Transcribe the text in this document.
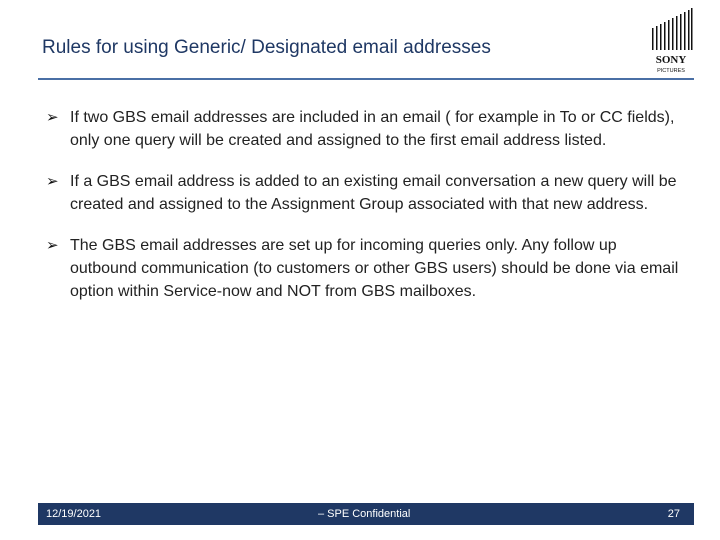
Rules for using Generic/ Designated email addresses
SONY
PICTURES
➢ If two GBS email addresses are included in an email ( for example in To or CC fields), only one query will be created and assigned to the first email address listed.
➢ If a GBS email address is added to an existing email conversation a new query will be created and assigned to the Assignment Group associated with that new address.
➢ The GBS email addresses are set up for incoming queries only. Any follow up outbound communication (to customers or other GBS users) should be done via email option within Service-now and NOT from GBS mailboxes.
12/19/2021	– SPE Confidential	27
